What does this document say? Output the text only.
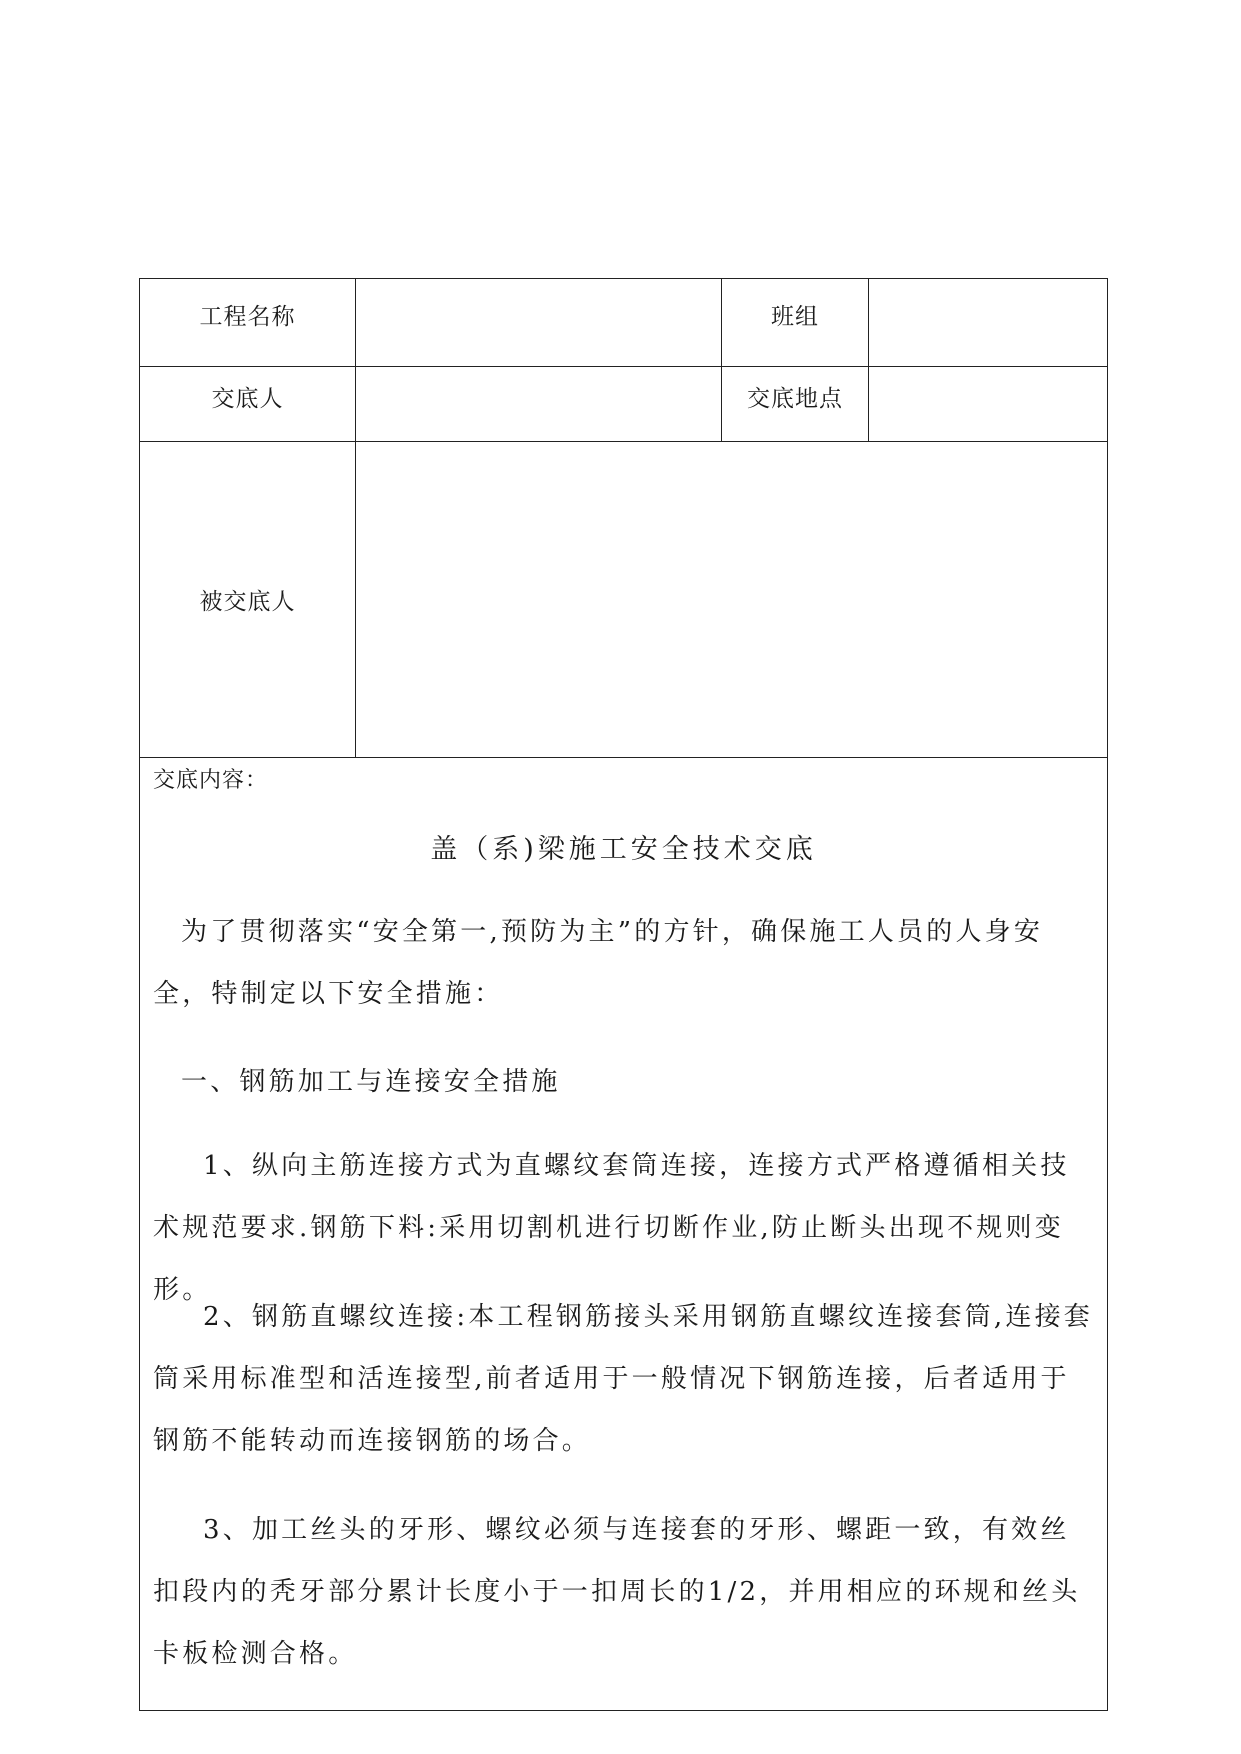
工程名称	班组
交底人	交底地点
被交底人
交底内容：
盖（系)梁施工安全技术交底

为了贯彻落实“安全第一,预防为主”的方针，确保施工人员的人身安全，特制定以下安全措施：

一、钢筋加工与连接安全措施

1、纵向主筋连接方式为直螺纹套筒连接，连接方式严格遵循相关技术规范要求.钢筋下料:采用切割机进行切断作业,防止断头出现不规则变形。

2、钢筋直螺纹连接:本工程钢筋接头采用钢筋直螺纹连接套筒,连接套筒采用标准型和活连接型,前者适用于一般情况下钢筋连接，后者适用于钢筋不能转动而连接钢筋的场合。

3、加工丝头的牙形、螺纹必须与连接套的牙形、螺距一致，有效丝扣段内的秃牙部分累计长度小于一扣周长的1/2，并用相应的环规和丝头卡板检测合格。
